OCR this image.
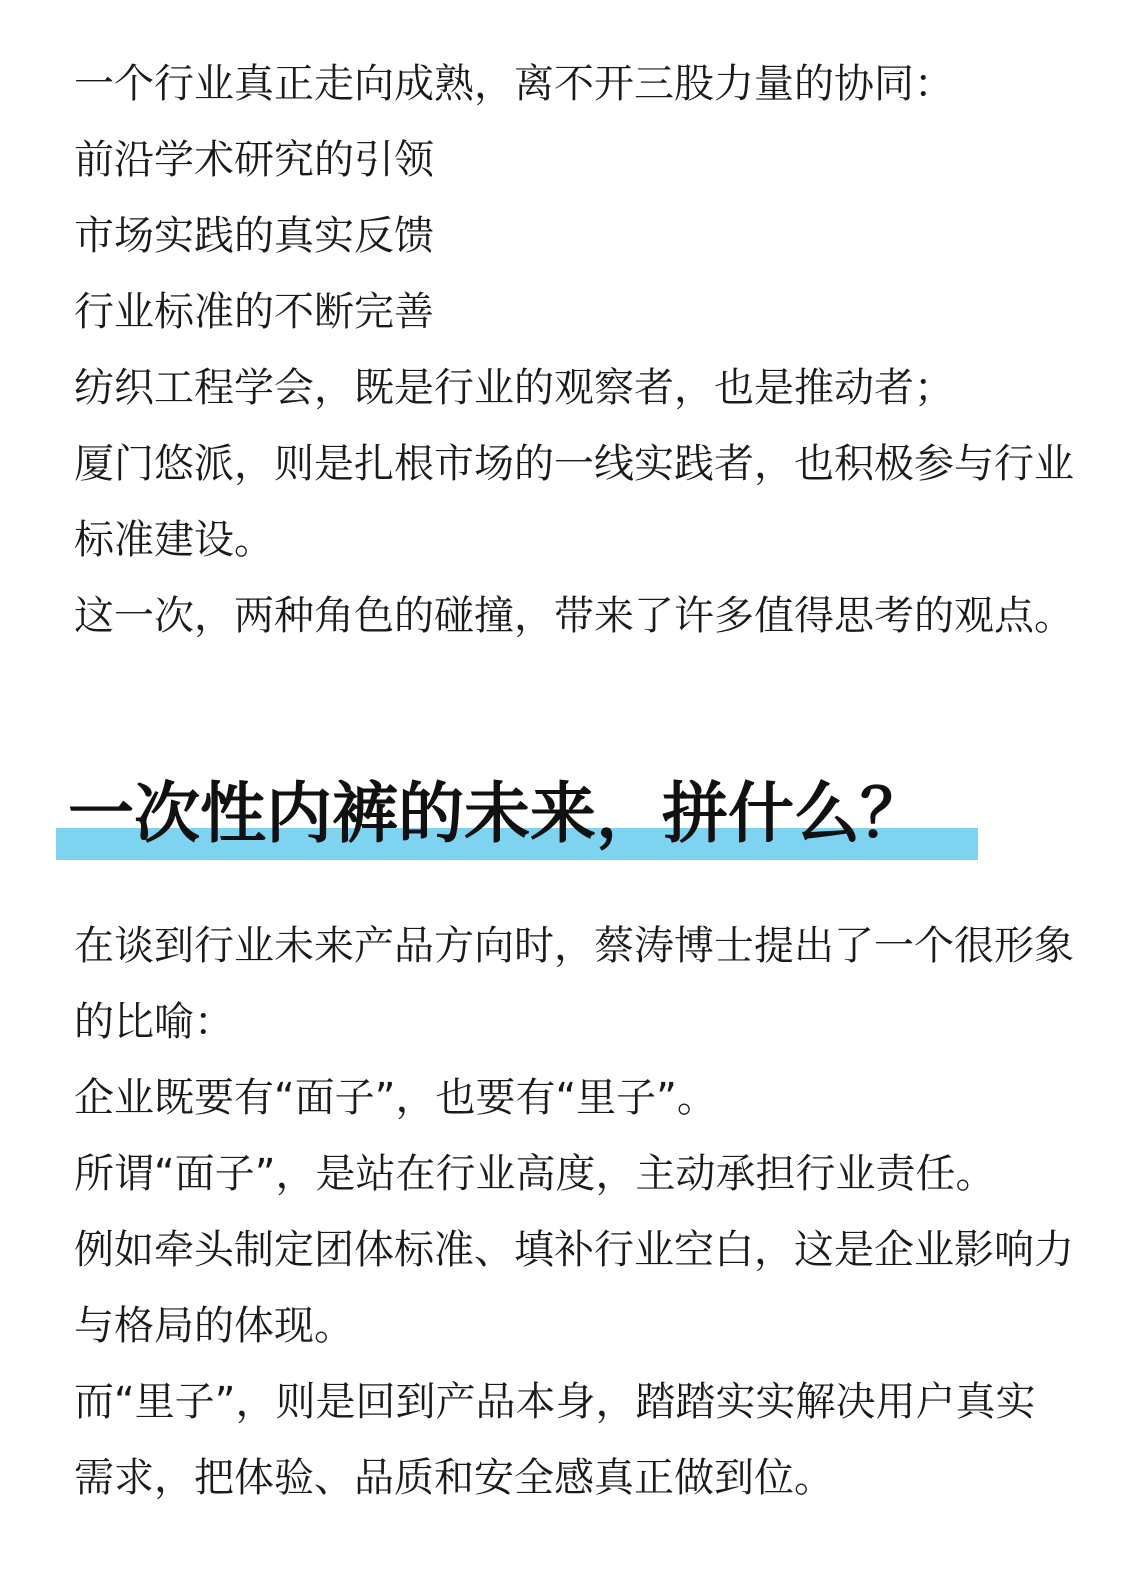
一个行业真正走向成熟，离不开三股力量的协同：

前沿学术研究的引领

市场实践的真实反馈

行业标准的不断完善

纺织工程学会，既是行业的观察者，也是推动者；

厦门悠派，则是扎根市场的一线实践者，也积极参与行业标准建设。

这一次，两种角色的碰撞，带来了许多值得思考的观点。

一次性内裤的未来，拼什么？

在谈到行业未来产品方向时，蔡涛博士提出了一个很形象的比喻：

企业既要有“面子”，也要有“里子”。

所谓“面子”，是站在行业高度，主动承担行业责任。

例如牵头制定团体标准、填补行业空白，这是企业影响力与格局的体现。

而“里子”，则是回到产品本身，踏踏实实解决用户真实需求，把体验、品质和安全感真正做到位。
